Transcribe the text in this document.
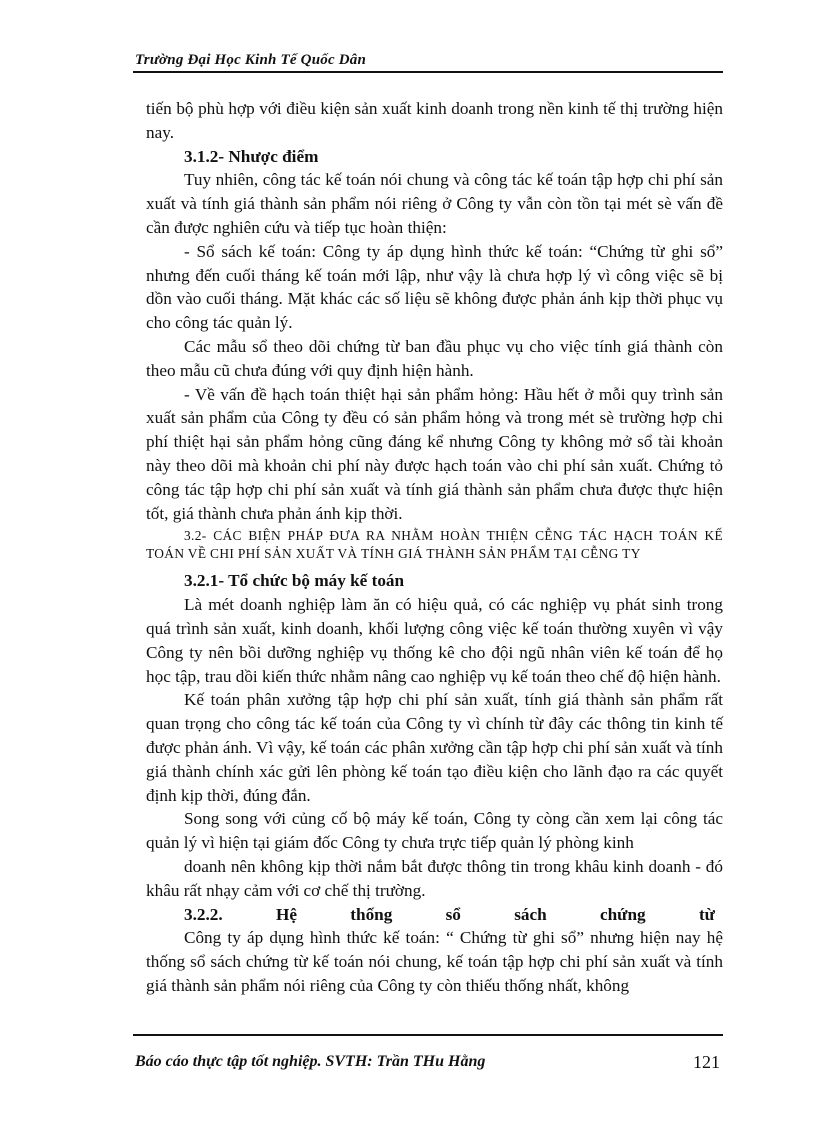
Trường Đại Học Kinh Tế Quốc Dân

tiến bộ phù hợp với điều kiện sản xuất kinh doanh trong nền kinh tế thị trường hiện nay.

3.1.2- Nhược điểm

Tuy nhiên, công tác kế toán nói chung và công tác kế toán tập hợp chi phí sản xuất và tính giá thành sản phẩm nói riêng ở Công ty vẫn còn tồn tại mét sè vấn đề cần được nghiên cứu và tiếp tục hoàn thiện:

- Sổ sách kế toán: Công ty áp dụng hình thức kế toán: “Chứng từ ghi sổ” nhưng đến cuối tháng kế toán mới lập, như vậy là chưa hợp lý vì công việc sẽ bị dồn vào cuối tháng. Mặt khác các số liệu sẽ không được phản ánh kịp thời phục vụ cho công tác quản lý.

Các mẫu sổ theo dõi chứng từ ban đầu phục vụ cho việc tính giá thành còn theo mẫu cũ chưa đúng với quy định hiện hành.

- Về vấn đề hạch toán thiệt hại sản phẩm hỏng: Hầu hết ở mỗi quy trình sản xuất sản phẩm của Công ty đều có sản phẩm hỏng và trong mét sè trường hợp chi phí thiệt hại sản phẩm hỏng cũng đáng kể nhưng Công ty không mở sổ tài khoản này theo dõi mà khoản chi phí này được hạch toán vào chi phí sản xuất. Chứng tỏ công tác tập hợp chi phí sản xuất và tính giá thành sản phẩm chưa được thực hiện tốt, giá thành chưa phản ánh kịp thời.

3.2- CÁC BIỆN PHÁP ĐƯA RA NHẰM HOÀN THIỆN CỄNG TÁC HẠCH TOÁN KẾ TOÁN VỀ CHI PHÍ SẢN XUẤT VÀ TÍNH GIÁ THÀNH SẢN PHẨM TẠI CỄNG TY

3.2.1- Tổ chức bộ máy kế toán

Là mét doanh nghiệp làm ăn có hiệu quả, có các nghiệp vụ phát sinh trong quá trình sản xuất, kinh doanh, khối lượng công việc kế toán thường xuyên vì vậy Công ty nên bồi dưỡng nghiệp vụ thống kê cho đội ngũ nhân viên kế toán để họ học tập, trau dồi kiến thức nhằm nâng cao nghiệp vụ kế toán theo chế độ hiện hành.

Kế toán phân xưởng tập hợp chi phí sản xuất, tính giá thành sản phẩm rất quan trọng cho công tác kế toán của Công ty vì chính từ đây các thông tin kinh tế được phản ánh. Vì vậy, kế toán các phân xưởng cần tập hợp chi phí sản xuất và tính giá thành chính xác gửi lên phòng kế toán tạo điều kiện cho lãnh đạo ra các quyết định kịp thời, đúng đắn.

Song song với củng cố bộ máy kế toán, Công ty còng cần xem lại công tác quản lý vì hiện tại giám đốc Công ty chưa trực tiếp quản lý phòng kinh

doanh nên không kịp thời nắm bắt được thông tin trong khâu kinh doanh - đó khâu rất nhạy cảm với cơ chế thị trường.

3.2.2. Hệ thống sổ sách chứng từ

Công ty áp dụng hình thức kế toán: “ Chứng từ ghi sổ” nhưng hiện nay hệ thống sổ sách chứng từ kế toán nói chung, kế toán tập hợp chi phí sản xuất và tính giá thành sản phẩm nói riêng của Công ty còn thiếu thống nhất, không

Báo cáo thực tập tốt nghiệp. SVTH: Trần THu Hằng	121
